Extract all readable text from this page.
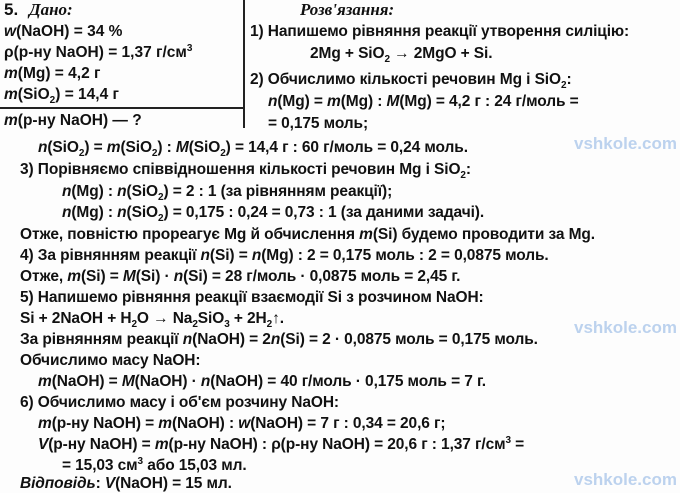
5. Дано:	Розв'язання:
w(NaOH) = 34 %
ρ(р-ну NaOH) = 1,37 $г/см^3$
m(Mg) = 4,2 г
m(SiO$_2$) = 14,4 г
m(р-ну NaOH) — ?
1) Напишемо рівняння реакції утворення силіцію:
2Mg + SiO$_2$ → 2MgO + Si.
2) Обчислимо кількості речовин Mg і SiO$_2$:
n(Mg) = m(Mg) : M(Mg) = 4,2 г : 24 г/моль =
= 0,175 моль;
n(SiO$_2$) = m(SiO$_2$) : M(SiO$_2$) = 14,4 г : 60 г/моль = 0,24 моль.
3) Порівняємо співвідношення кількості речовин Mg і SiO$_2$:
n(Mg) : n(SiO$_2$) = 2 : 1 (за рівнянням реакції);
n(Mg) : n(SiO$_2$) = 0,175 : 0,24 = 0,73 : 1 (за даними задачі).
Отже, повністю прореагує Mg й обчислення m(Si) будемо проводити за Mg.
4) За рівнянням реакції n(Si) = n(Mg) : 2 = 0,175 моль : 2 = 0,0875 моль.
Отже, m(Si) = M(Si) · n(Si) = 28 г/моль · 0,0875 моль = 2,45 г.
5) Напишемо рівняння реакції взаємодії Si з розчином NaOH:
Si + 2NaOH + $H_2O \to Na_2SiO_3$ + $2H_2↑$.
За рівнянням реакції n(NaOH) = 2n(Si) = 2 · 0,0875 моль = 0,175 моль.
Обчислимо масу NaOH:
m(NaOH) = M(NaOH) · n(NaOH) = 40 г/моль · 0,175 моль = 7 г.
6) Обчислимо масу і об'єм розчину NaOH:
m(р-ну NaOH) = m(NaOH) : w(NaOH) = 7 г : 0,34 = 20,6 г;
V(р-ну NaOH) = m(р-ну NaOH) : ρ(р-ну NaOH) = 20,6 г : 1,37 $г/см^3$ =
= 15,03 $см^3$ або 15,03 мл.
Відповідь: V(NaOH) = 15 мл.
vshkole.com
vshkole.com
vshkole.com
